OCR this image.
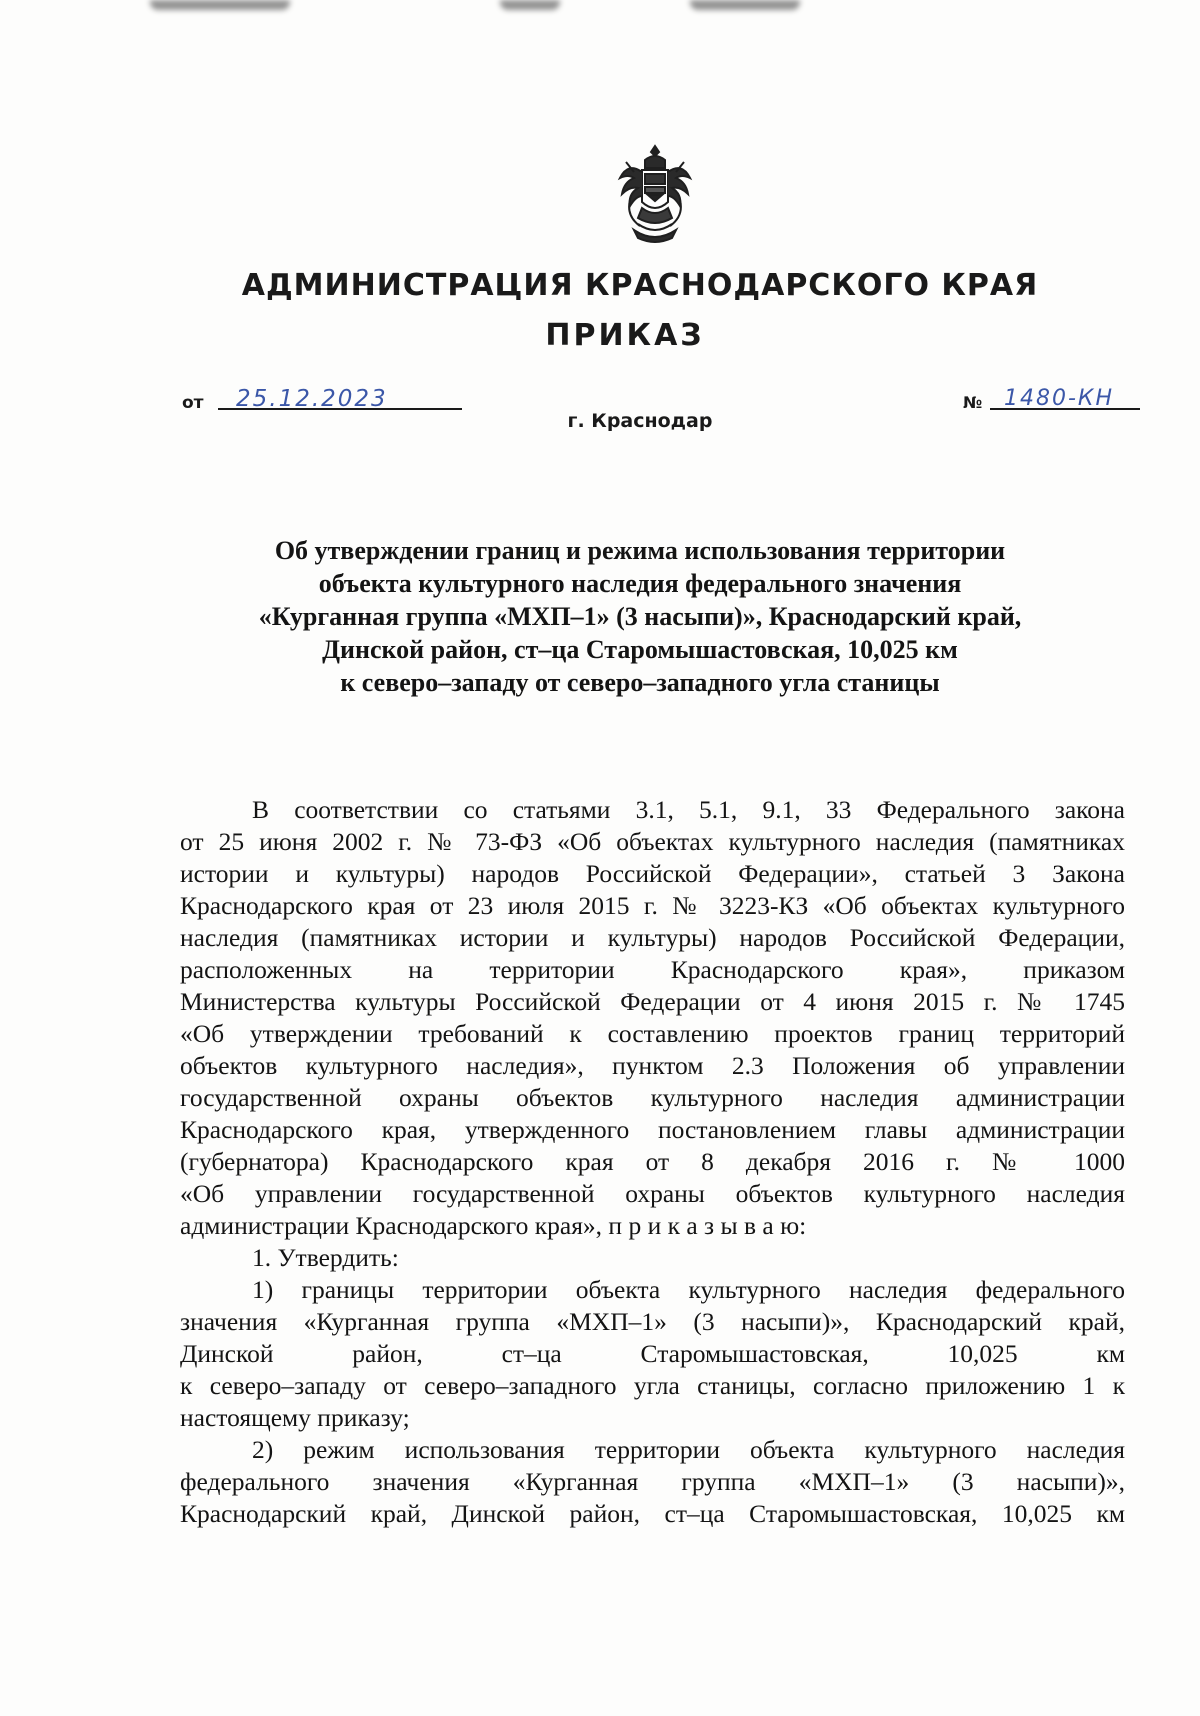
АДМИНИСТРАЦИЯ КРАСНОДАРСКОГО КРАЯ
ПРИКАЗ
от 25.12.2023	№ 1480-КН
г. Краснодар
Об утверждении границ и режима использования территории
объекта культурного наследия федерального значения
«Курганная группа «МХП–1» (3 насыпи)», Краснодарский край,
Динской район, ст–ца Старомышастовская, 10,025 км
к северо–западу от северо–западного угла станицы
В соответствии со статьями 3.1, 5.1, 9.1, 33 Федерального закона
от 25 июня 2002 г. № 73-ФЗ «Об объектах культурного наследия (памятниках
истории и культуры) народов Российской Федерации», статьей 3 Закона
Краснодарского края от 23 июля 2015 г. № 3223-КЗ «Об объектах культурного
наследия (памятниках истории и культуры) народов Российской Федерации,
расположенных на территории Краснодарского края», приказом
Министерства культуры Российской Федерации от 4 июня 2015 г. № 1745
«Об утверждении требований к составлению проектов границ территорий
объектов культурного наследия», пунктом 2.3 Положения об управлении
государственной охраны объектов культурного наследия администрации
Краснодарского края, утвержденного постановлением главы администрации
(губернатора) Краснодарского края от 8 декабря 2016 г. № 1000
«Об управлении государственной охраны объектов культурного наследия
администрации Краснодарского края», п р и к а з ы в а ю:
1. Утвердить:
1) границы территории объекта культурного наследия федерального
значения «Курганная группа «МХП–1» (3 насыпи)», Краснодарский край,
Динской район, ст–ца Старомышастовская, 10,025 км
к северо–западу от северо–западного угла станицы, согласно приложению 1 к
настоящему приказу;
2) режим использования территории объекта культурного наследия
федерального значения «Курганная группа «МХП–1» (3 насыпи)»,
Краснодарский край, Динской район, ст–ца Старомышастовская, 10,025 км
